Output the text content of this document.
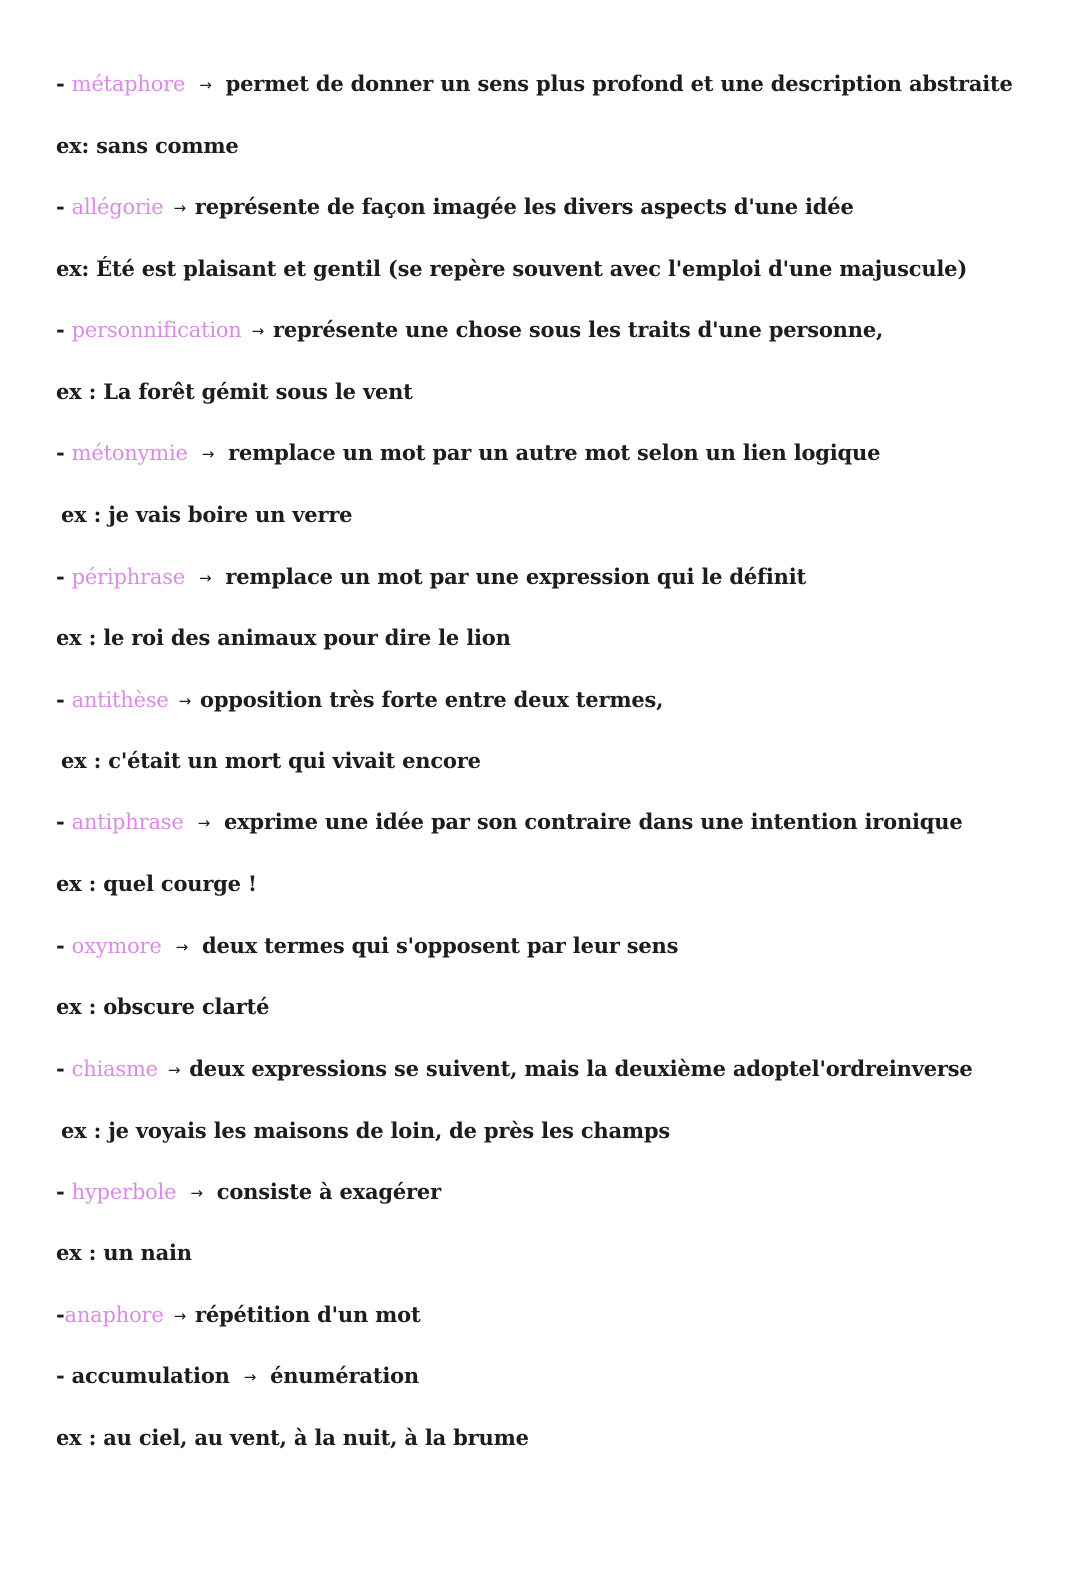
- métaphore → permet de donner un sens plus profond et une description abstraite
ex: sans comme
- allégorie → représente de façon imagée les divers aspects d'une idée
ex: Été est plaisant et gentil (se repère souvent avec l'emploi d'une majuscule)
- personnification → représente une chose sous les traits d'une personne,
ex : La forêt gémit sous le vent
- métonymie → remplace un mot par un autre mot selon un lien logique
ex : je vais boire un verre
- périphrase → remplace un mot par une expression qui le définit
ex : le roi des animaux pour dire le lion
- antithèse → opposition très forte entre deux termes,
ex : c'était un mort qui vivait encore
- antiphrase → exprime une idée par son contraire dans une intention ironique
ex : quel courge !
- oxymore → deux termes qui s'opposent par leur sens
ex : obscure clarté
- chiasme → deux expressions se suivent, mais la deuxième adoptel'ordreinverse
ex : je voyais les maisons de loin, de près les champs
- hyperbole → consiste à exagérer
ex : un nain
-anaphore → répétition d'un mot
- accumulation → énumération
ex : au ciel, au vent, à la nuit, à la brume
